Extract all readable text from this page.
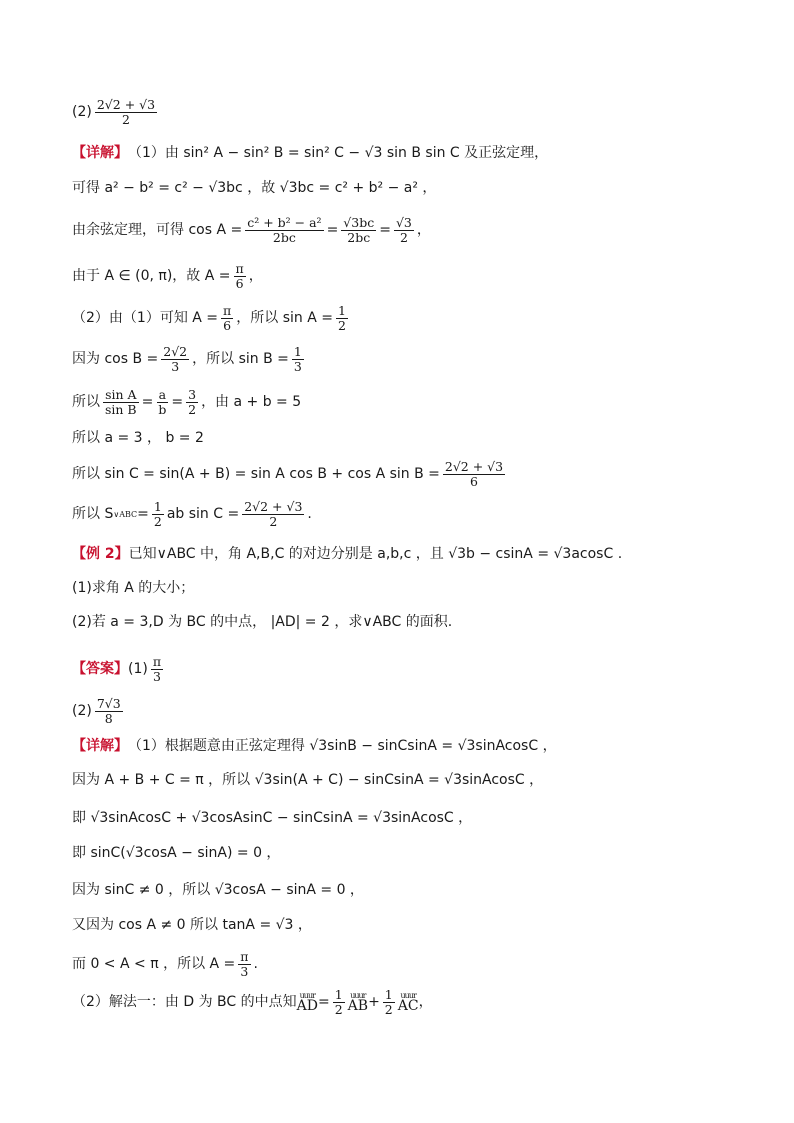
$(2) \frac{2√2 + √3}{2}$
【详解】 （1）由 sin² A − sin² B = sin² C − √3 sin B sin C 及正弦定理，
可得 a² − b² = c² − √3bc ，故 √3bc = c² + b² − a² ，
由余弦定理，可得 $\cos A = \frac{\text{c² + b² − a²}}{2bc} = \frac{√3bc}{2bc} = \frac{√3}{2}$ ，
由于 A ∈ (0, π)，故 $A = \frac{\pi}{6}$ ，
（2）由（1）可知 $A = \frac{\pi}{6}$ ，所以 $\sin A = \frac{1}{2}$
因为 $\cos B = \frac{2√2}{3}$ ，所以 $\sin B = \frac{1}{3}$
所以 $\frac{\text{sin A}}{\text{sin B}} = \frac{a}{b} = \frac{3}{2}$ ，由 a + b = 5
所以 a = 3 ， b = 2
所以 sin C = sin(A + B) = sin A cos B + cos A $\sin B = \frac{2√2 + √3}{6}$
所以 S ∨ABC = $\frac{1}{2}$ ab $\sin C = \frac{2√2 + √3}{2}$ .
【例 2】 已知∨ABC 中，角 A,B,C 的对边分别是 a,b,c ，且 √3b − csinA = √3acosC .
(1)求角 A 的大小；
(2)若 a = 3,D 为 BC 的中点， |AD| = 2 ，求∨ABC 的面积.
【答案】 $(1) \frac{\pi}{3}$
$(2) \frac{7√3}{8}$
【详解】 （1）根据题意由正弦定理得 √3sinB − sinCsinA = √3sinAcosC ，
因为 A + B + C = π ，所以 √3sin(A + C) − sinCsinA = √3sinAcosC ，
即 √3sinAcosC + √3cosAsinC − sinCsinA = √3sinAcosC ，
即 sinC(√3cosA − sinA) = 0 ，
因为 sinC ≠ 0 ，所以 √3cosA − sinA = 0 ，
又因为 cos A ≠ 0 所以 tanA = √3 ，
而 0 < A < π ，所以 $A = \frac{\pi}{3}$ .
（2）解法一：由 D 为 BC 的中点知 uuur
AD = $\frac{1}{2}$ uuur
AB + $\frac{1}{2}$ uuur
AC ，
